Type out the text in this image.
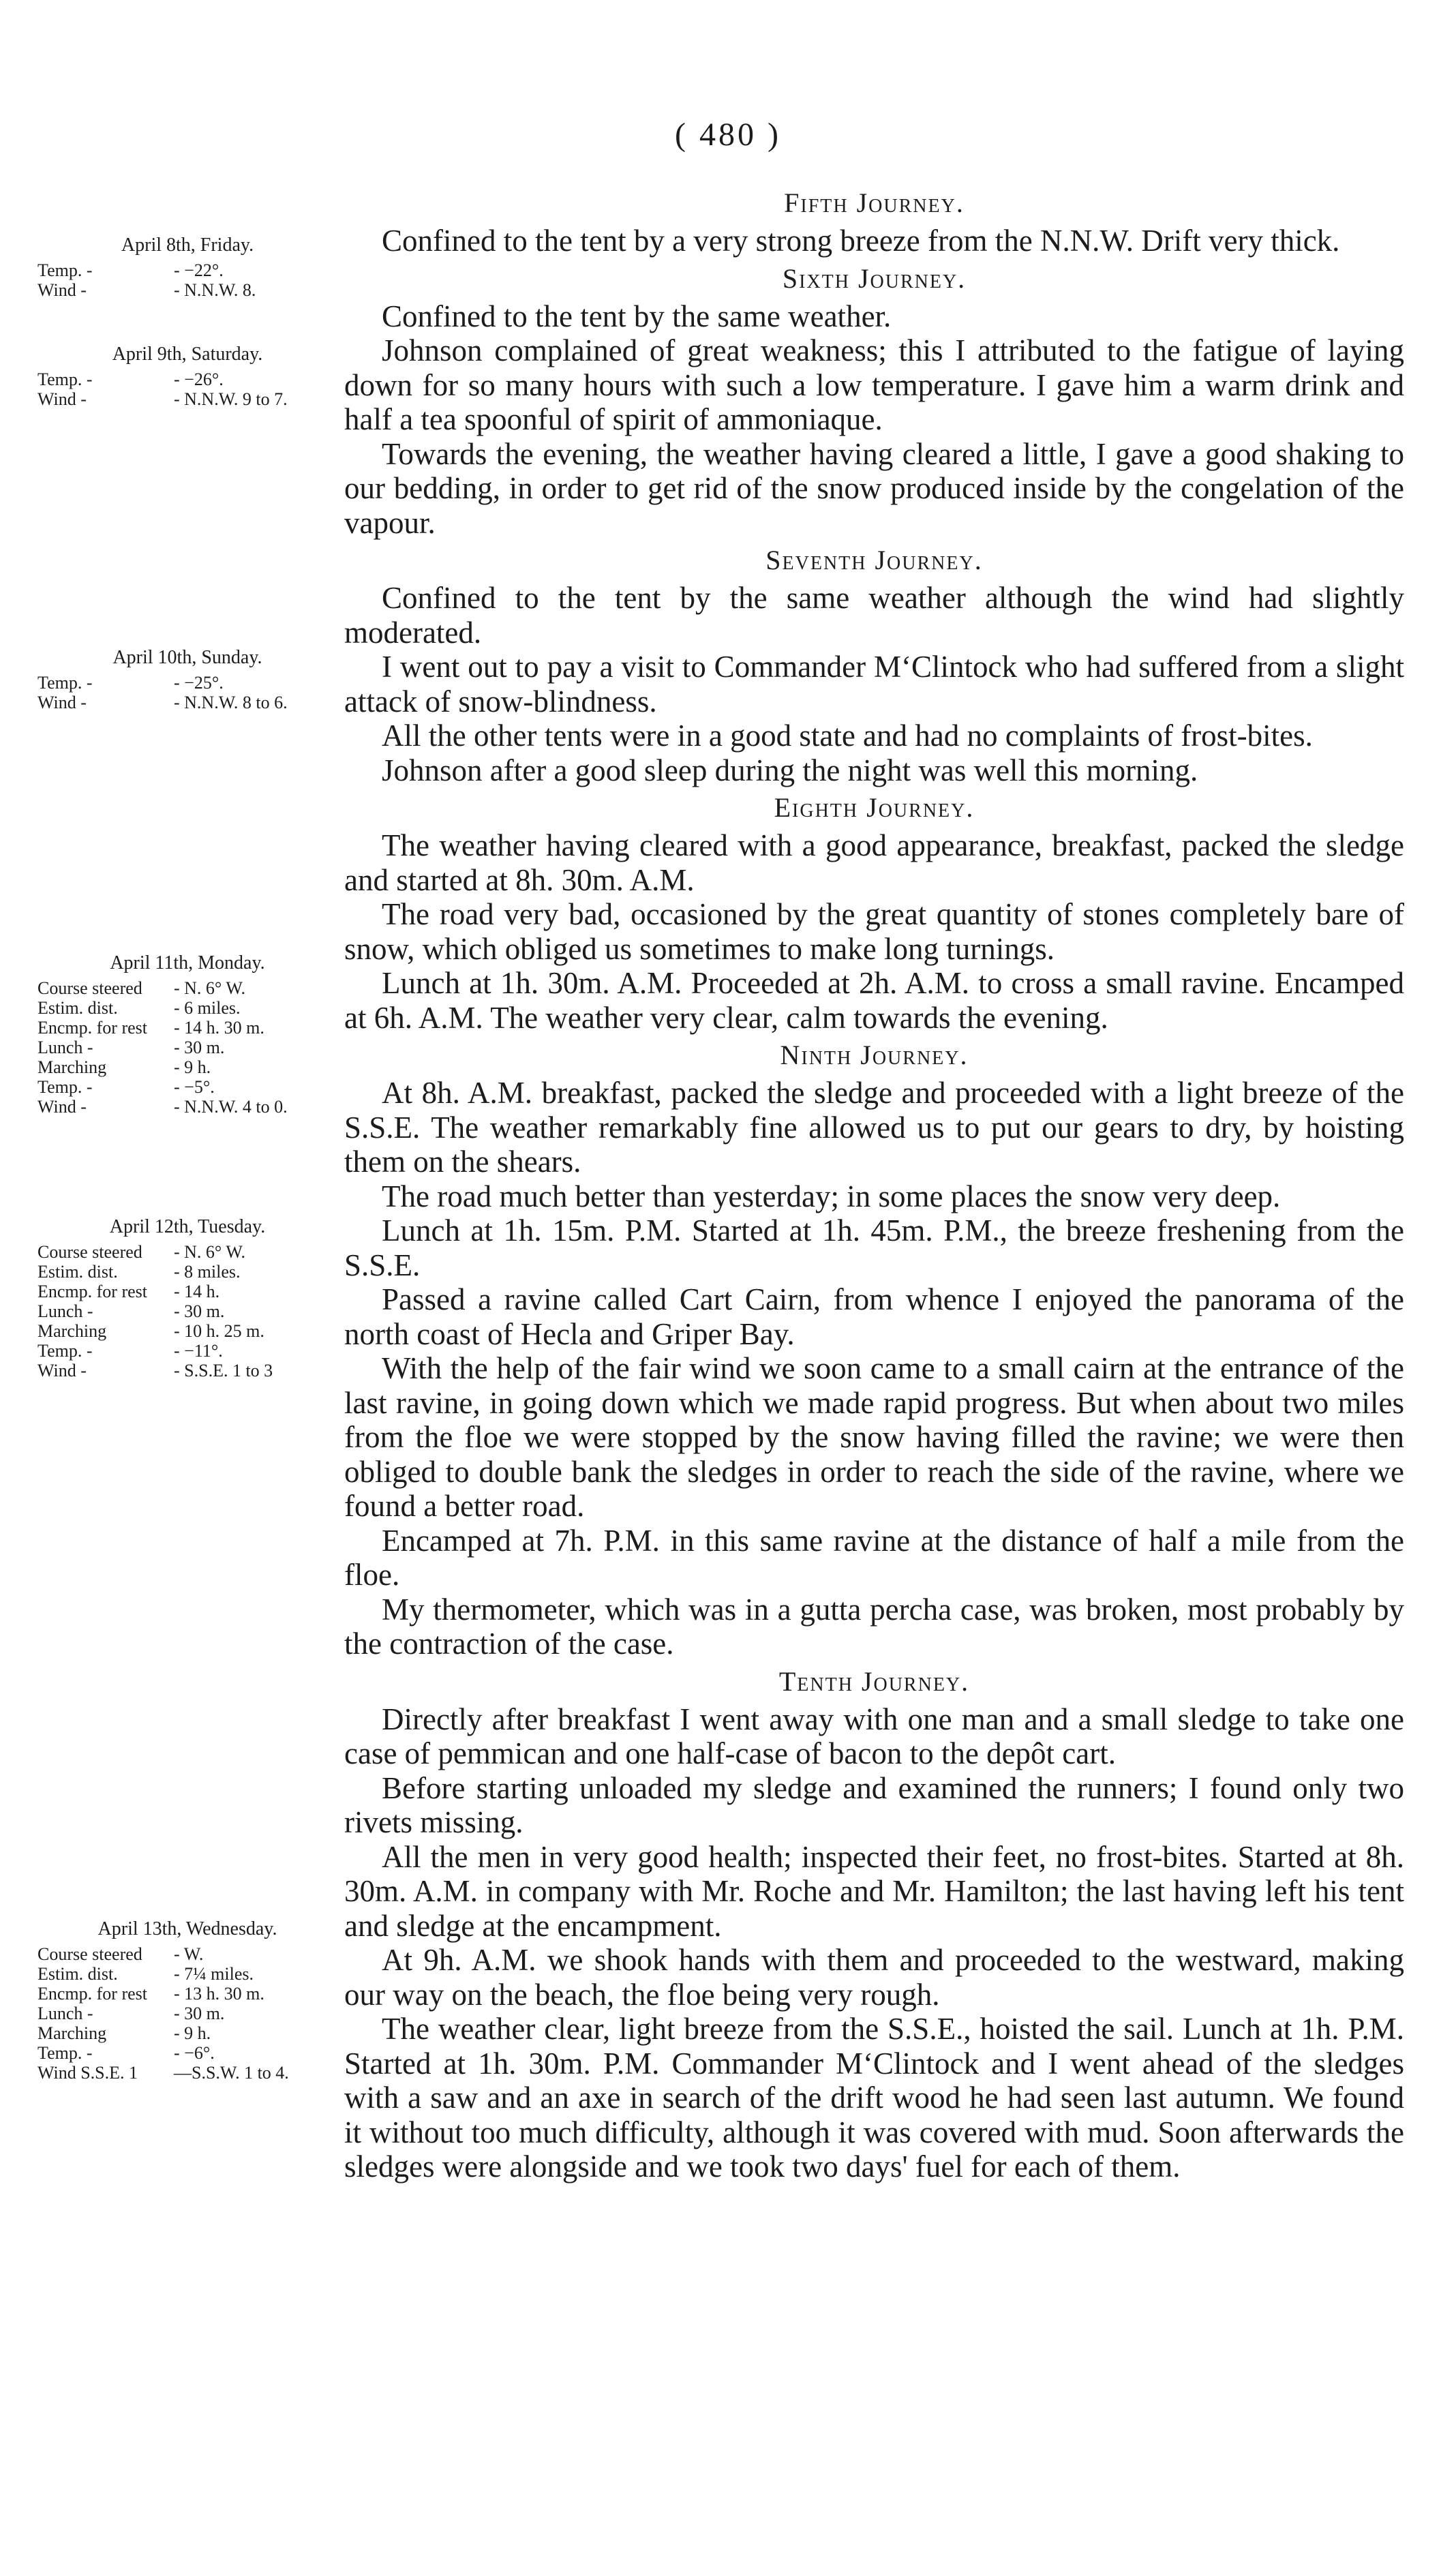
( 480 )
Fifth Journey.

Confined to the tent by a very strong breeze from the N.N.W. Drift very thick.

Sixth Journey.

Confined to the tent by the same weather.

Johnson complained of great weakness; this I attributed to the fatigue of laying down for so many hours with such a low temperature. I gave him a warm drink and half a tea spoonful of spirit of ammoniaque.

Towards the evening, the weather having cleared a little, I gave a good shaking to our bedding, in order to get rid of the snow produced inside by the congelation of the vapour.

Seventh Journey.

Confined to the tent by the same weather although the wind had slightly moderated.

I went out to pay a visit to Commander M‘Clintock who had suffered from a slight attack of snow-blindness.

All the other tents were in a good state and had no complaints of frost-bites.

Johnson after a good sleep during the night was well this morning.

Eighth Journey.

The weather having cleared with a good appearance, breakfast, packed the sledge and started at 8h. 30m. A.M.

The road very bad, occasioned by the great quantity of stones completely bare of snow, which obliged us sometimes to make long turnings.

Lunch at 1h. 30m. A.M. Proceeded at 2h. A.M. to cross a small ravine. Encamped at 6h. A.M. The weather very clear, calm towards the evening.

Ninth Journey.

At 8h. A.M. breakfast, packed the sledge and proceeded with a light breeze of the S.S.E. The weather remarkably fine allowed us to put our gears to dry, by hoisting them on the shears.

The road much better than yesterday; in some places the snow very deep.

Lunch at 1h. 15m. P.M. Started at 1h. 45m. P.M., the breeze freshening from the S.S.E.

Passed a ravine called Cart Cairn, from whence I enjoyed the panorama of the north coast of Hecla and Griper Bay.

With the help of the fair wind we soon came to a small cairn at the entrance of the last ravine, in going down which we made rapid progress. But when about two miles from the floe we were stopped by the snow having filled the ravine; we were then obliged to double bank the sledges in order to reach the side of the ravine, where we found a better road.

Encamped at 7h. P.M. in this same ravine at the distance of half a mile from the floe.

My thermometer, which was in a gutta percha case, was broken, most probably by the contraction of the case.

Tenth Journey.

Directly after breakfast I went away with one man and a small sledge to take one case of pemmican and one half-case of bacon to the depôt cart.

Before starting unloaded my sledge and examined the runners; I found only two rivets missing.

All the men in very good health; inspected their feet, no frost-bites. Started at 8h. 30m. A.M. in company with Mr. Roche and Mr. Hamilton; the last having left his tent and sledge at the encampment.

At 9h. A.M. we shook hands with them and proceeded to the westward, making our way on the beach, the floe being very rough.

The weather clear, light breeze from the S.S.E., hoisted the sail. Lunch at 1h. P.M. Started at 1h. 30m. P.M. Commander M‘Clintock and I went ahead of the sledges with a saw and an axe in search of the drift wood he had seen last autumn. We found it without too much difficulty, although it was covered with mud. Soon afterwards the sledges were alongside and we took two days' fuel for each of them.

April 8th, Friday.
Temp. -	- −22°.
Wind -	- N.N.W. 8.
April 9th, Saturday.
Temp. -	- −26°.
Wind -	- N.N.W. 9 to 7.
April 10th, Sunday.
Temp. -	- −25°.
Wind -	- N.N.W. 8 to 6.
April 11th, Monday.
Course steered	- N. 6° W.
Estim. dist.	- 6 miles.
Encmp. for rest	- 14 h. 30 m.
Lunch -	- 30 m.
Marching	- 9 h.
Temp. -	- −5°.
Wind -	- N.N.W. 4 to 0.
April 12th, Tuesday.
Course steered	- N. 6° W.
Estim. dist.	- 8 miles.
Encmp. for rest	- 14 h.
Lunch -	- 30 m.
Marching	- 10 h. 25 m.
Temp. -	- −11°.
Wind -	- S.S.E. 1 to 3
April 13th, Wednesday.
Course steered	- W.
Estim. dist.	- 7¼ miles.
Encmp. for rest	- 13 h. 30 m.
Lunch -	- 30 m.
Marching	- 9 h.
Temp. -	- −6°.
Wind S.S.E. 1	—S.S.W. 1 to 4.
